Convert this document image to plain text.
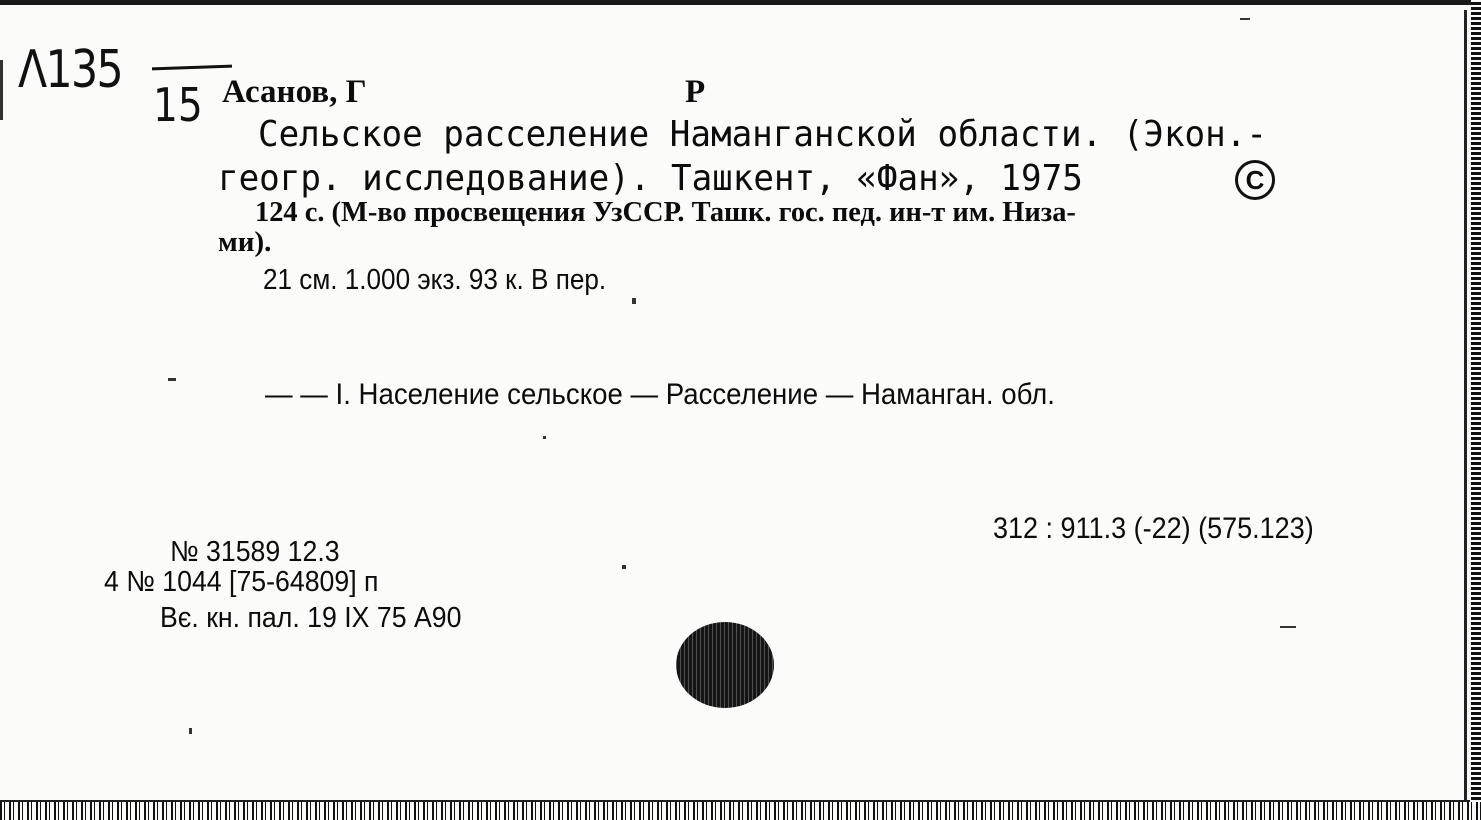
Λ135
15 Асанов, Г	Р
Сельское расселение Наманганской области. (Экон.-
геогр. исследование). Ташкент, «Фан», 1975	C
124 с. (М-во просвещения УзССР. Ташк. гос. пед. ин-т им. Низа-
ми).
21 см. 1.000 экз. 93 к. В пер.
— — I. Население сельское — Расселение — Наманган. обл.
312 : 911.3 (-22) (575.123)
№ 31589 12.3
4 № 1044 [75-64809] п
Вє. кн. пал. 19 IX 75 А90
